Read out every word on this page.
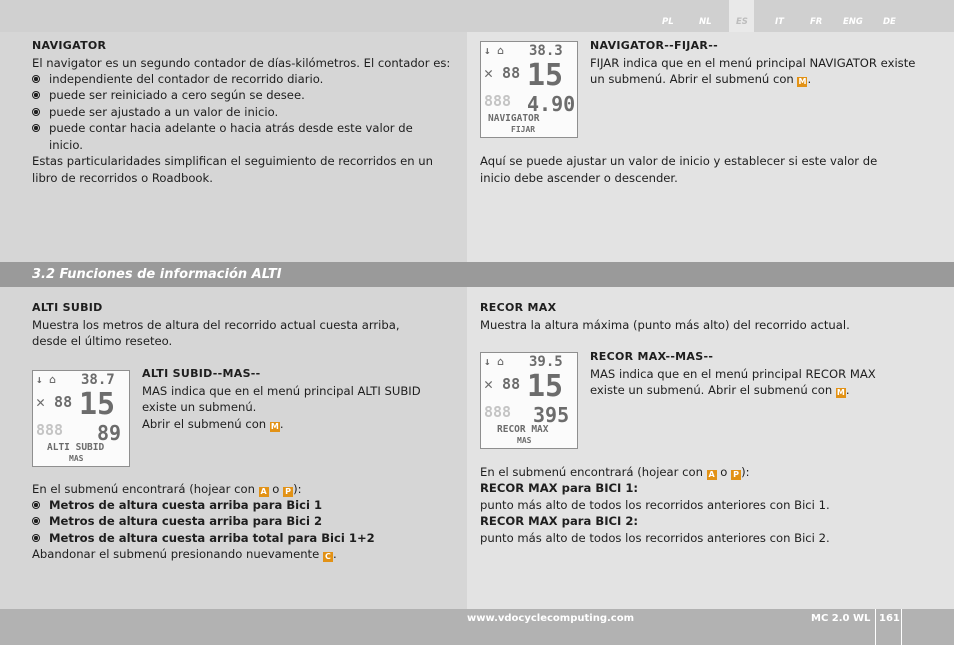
PL	NL	ES	IT	FR ENG DE
NAVIGATOR
El navigator es un segundo contador de días-kilómetros. El contador es:
independiente del contador de recorrido diario.
puede ser reiniciado a cero según se desee.
puede ser ajustado a un valor de inicio.
puede contar hacia adelante o hacia atrás desde este valor de
inicio.
Estas particularidades simplifican el seguimiento de recorridos en un
libro de recorridos o Roadbook.
↓ ⌂ 38.3
✕ 88 15
888 4.90
NAVIGATOR
FIJAR
NAVIGATOR--FIJAR--
FIJAR indica que en el menú principal NAVIGATOR existe
un submenú. Abrir el submenú con M.
Aquí se puede ajustar un valor de inicio y establecer si este valor de
inicio debe ascender o descender.
3.2 Funciones de información ALTI
ALTI SUBID
Muestra los metros de altura del recorrido actual cuesta arriba,
desde el último reseteo.
↓ ⌂ 38.7
✕ 88 15
888 89
ALTI SUBID
MAS
ALTI SUBID--MAS--
MAS indica que en el menú principal ALTI SUBID
existe un submenú.
Abrir el submenú con M.
En el submenú encontrará (hojear con A o P ):
Metros de altura cuesta arriba para Bici 1
Metros de altura cuesta arriba para Bici 2
Metros de altura cuesta arriba total para Bici 1+2
Abandonar el submenú presionando nuevamente C .
RECOR MAX
Muestra la altura máxima (punto más alto) del recorrido actual.
↓ ⌂ 39.5
✕ 88 15
888 395
RECOR MAX
MAS
RECOR MAX--MAS--
MAS indica que en el menú principal RECOR MAX
existe un submenú. Abrir el submenú con M.
En el submenú encontrará (hojear con A o P ):
RECOR MAX para BICI 1:
punto más alto de todos los recorridos anteriores con Bici 1.
RECOR MAX para BICI 2:
punto más alto de todos los recorridos anteriores con Bici 2.
www.vdocyclecomputing.com	MC 2.0 WL 161
